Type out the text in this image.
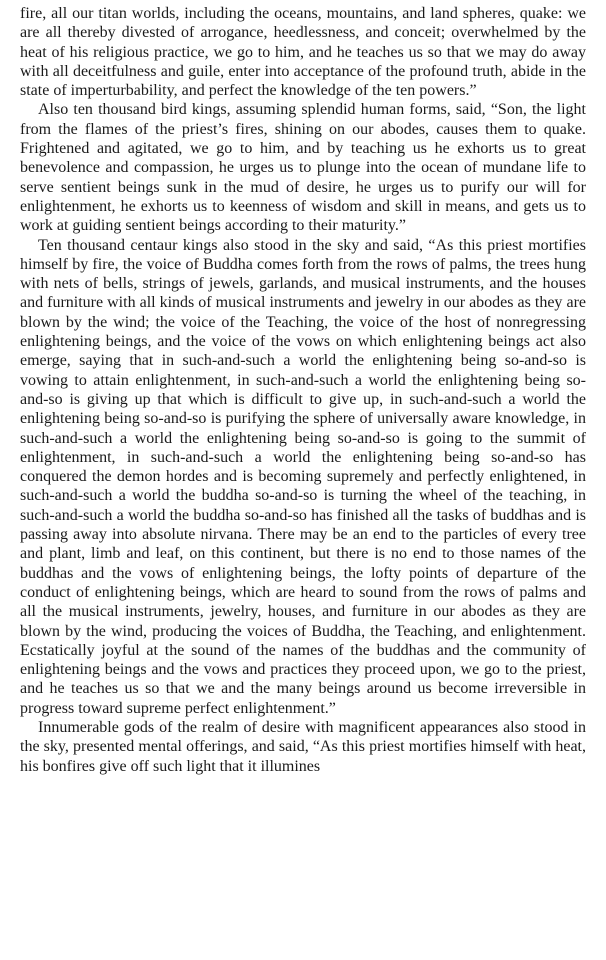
fire, all our titan worlds, including the oceans, mountains, and land spheres, quake: we are all thereby divested of arrogance, heedlessness, and conceit; overwhelmed by the heat of his religious practice, we go to him, and he teaches us so that we may do away with all deceitfulness and guile, enter into acceptance of the profound truth, abide in the state of imperturbability, and perfect the knowledge of the ten powers.”

Also ten thousand bird kings, assuming splendid human forms, said, “Son, the light from the flames of the priest’s fires, shining on our abodes, causes them to quake. Frightened and agitated, we go to him, and by teaching us he exhorts us to great benevolence and compassion, he urges us to plunge into the ocean of mundane life to serve sentient beings sunk in the mud of desire, he urges us to purify our will for enlightenment, he exhorts us to keenness of wisdom and skill in means, and gets us to work at guiding sentient beings according to their maturity.”

Ten thousand centaur kings also stood in the sky and said, “As this priest mortifies himself by fire, the voice of Buddha comes forth from the rows of palms, the trees hung with nets of bells, strings of jewels, garlands, and musical instruments, and the houses and furniture with all kinds of musical instruments and jewelry in our abodes as they are blown by the wind; the voice of the Teaching, the voice of the host of nonregressing enlightening beings, and the voice of the vows on which enlightening beings act also emerge, saying that in such-and-such a world the enlightening being so-and-so is vowing to attain enlightenment, in such-and-such a world the enlightening being so-and-so is giving up that which is difficult to give up, in such-and-such a world the enlightening being so-and-so is purifying the sphere of universally aware knowledge, in such-and-such a world the enlightening being so-and-so is going to the summit of enlightenment, in such-and-such a world the enlightening being so-and-so has conquered the demon hordes and is becoming supremely and perfectly enlightened, in such-and-such a world the buddha so-and-so is turning the wheel of the teaching, in such-and-such a world the buddha so-and-so has finished all the tasks of buddhas and is passing away into absolute nirvana. There may be an end to the particles of every tree and plant, limb and leaf, on this continent, but there is no end to those names of the buddhas and the vows of enlightening beings, the lofty points of departure of the conduct of enlightening beings, which are heard to sound from the rows of palms and all the musical instruments, jewelry, houses, and furniture in our abodes as they are blown by the wind, producing the voices of Buddha, the Teaching, and enlightenment. Ecstatically joyful at the sound of the names of the buddhas and the community of enlightening beings and the vows and practices they proceed upon, we go to the priest, and he teaches us so that we and the many beings around us become irreversible in progress toward supreme perfect enlightenment.”

Innumerable gods of the realm of desire with magnificent appearances also stood in the sky, presented mental offerings, and said, “As this priest mortifies himself with heat, his bonfires give off such light that it illumines
